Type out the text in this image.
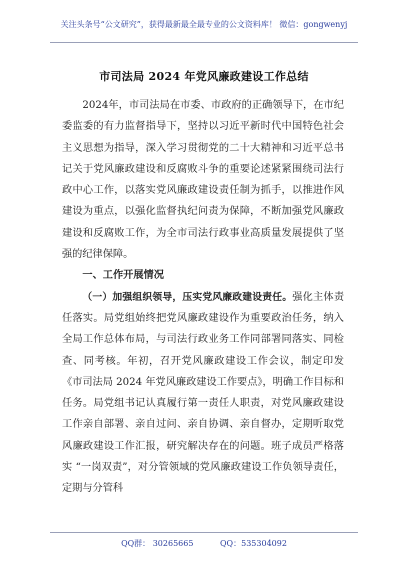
关注头条号“公文研究”，获得最新最全最专业的公文资料库！ 微信：gongwenyj
市司法局 2024 年党风廉政建设工作总结

2024年，市司法局在市委、市政府的正确领导下，在市纪委监委的有力监督指导下，坚持以习近平新时代中国特色社会主义思想为指导，深入学习贯彻党的二十大精神和习近平总书记关于党风廉政建设和反腐败斗争的重要论述紧紧围绕司法行政中心工作，以落实党风廉政建设责任制为抓手，以推进作风建设为重点，以强化监督执纪问责为保障，不断加强党风廉政建设和反腐败工作，为全市司法行政事业高质量发展提供了坚强的纪律保障。

一、工作开展情况

（一）加强组织领导，压实党风廉政建设责任。强化主体责任落实。局党组始终把党风廉政建设作为重要政治任务，纳入全局工作总体布局，与司法行政业务工作同部署同落实、同检查、同考核。年初，召开党风廉政建设工作会议，制定印发《市司法局 2024 年党风廉政建设工作要点》，明确工作目标和任务。局党组书记认真履行第一责任人职责，对党风廉政建设工作亲自部署、亲自过问、亲自协调、亲自督办，定期听取党风廉政建设工作汇报，研究解决存在的问题。班子成员严格落实 “一岗双责”，对分管领域的党风廉政建设工作负领导责任，定期与分管科

QQ群： 30265665	QQ：535304092
